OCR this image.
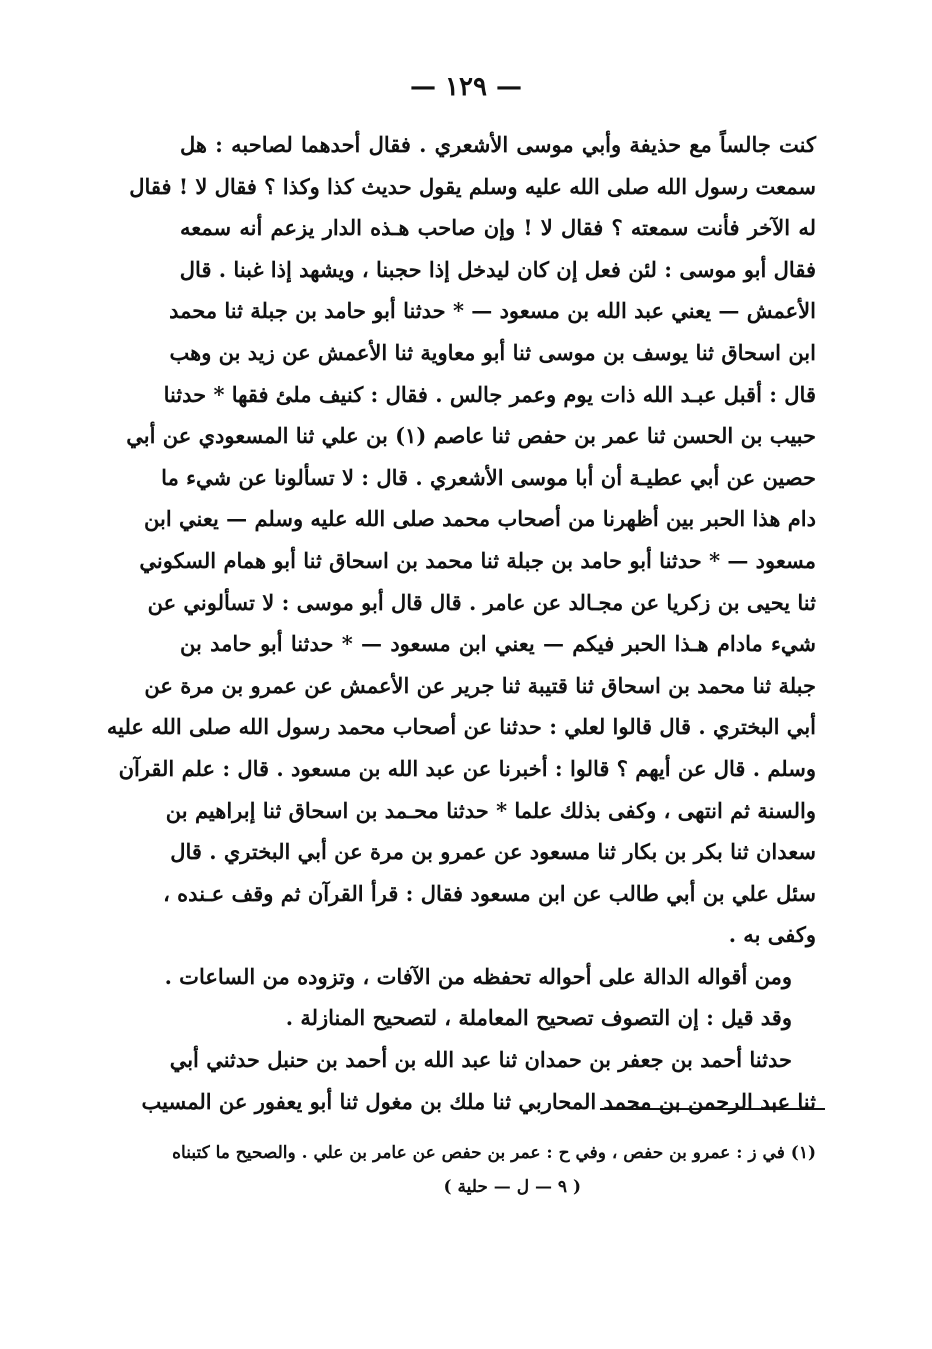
— ١٢٩ —
كنت جالساً مع حذيفة وأبي موسى الأشعري . فقال أحدهما لصاحبه : هل
سمعت رسول الله صلى الله عليه وسلم يقول حديث كذا وكذا ؟ فقال لا ! فقال
له الآخر فأنت سمعته ؟ فقال لا ! وإن صاحب هـذه الدار يزعم أنه سمعه
فقال أبو موسى : لئن فعل إن كان ليدخل إذا حجبنا ، ويشهد إذا غبنا . قال
الأعمش — يعني عبد الله بن مسعود — * حدثنا أبو حامد بن جبلة ثنا محمد
ابن اسحاق ثنا يوسف بن موسى ثنا أبو معاوية ثنا الأعمش عن زيد بن وهب
قال : أقبل عبـد الله ذات يوم وعمر جالس . فقال : كنيف ملئ فقها * حدثنا
حبيب بن الحسن ثنا عمر بن حفص ثنا عاصم (١) بن علي ثنا المسعودي عن أبي
حصين عن أبي عطيـة أن أبا موسى الأشعري . قال : لا تسألونا عن شيء ما
دام هذا الحبر بين أظهرنا من أصحاب محمد صلى الله عليه وسلم — يعني ابن
مسعود — * حدثنا أبو حامد بن جبلة ثنا محمد بن اسحاق ثنا أبو همام السكوني
ثنا يحيى بن زكريا عن مجـالد عن عامر . قال قال أبو موسى : لا تسألوني عن
شيء مادام هـذا الحبر فيكم — يعني ابن مسعود — * حدثنا أبو حامد بن
جبلة ثنا محمد بن اسحاق ثنا قتيبة ثنا جرير عن الأعمش عن عمرو بن مرة عن
أبي البختري . قال قالوا لعلي : حدثنا عن أصحاب محمد رسول الله صلى الله عليه
وسلم . قال عن أيهم ؟ قالوا : أخبرنا عن عبد الله بن مسعود . قال : علم القرآن
والسنة ثم انتهى ، وكفى بذلك علما * حدثنا محـمد بن اسحاق ثنا إبراهيم بن
سعدان ثنا بكر بن بكار ثنا مسعود عن عمرو بن مرة عن أبي البختري . قال
سئل علي بن أبي طالب عن ابن مسعود فقال : قرأ القرآن ثم وقف عـنده ،
وكفى به .
ومن أقواله الدالة على أحواله تحفظه من الآفات ، وتزوده من الساعات .
وقد قيل : إن التصوف تصحيح المعاملة ، لتصحيح المنازلة .
حدثنا أحمد بن جعفر بن حمدان ثنا عبد الله بن أحمد بن حنبل حدثني أبي
ثنا عبد الرحمن بن محمد المحاربي ثنا ملك بن مغول ثنا أبو يعفور عن المسيب
(١) في ز : عمرو بن حفص ، وفي ح : عمر بن حفص عن عامر بن علي . والصحيح ما كتبناه
( ٩ — ل — حلية )
